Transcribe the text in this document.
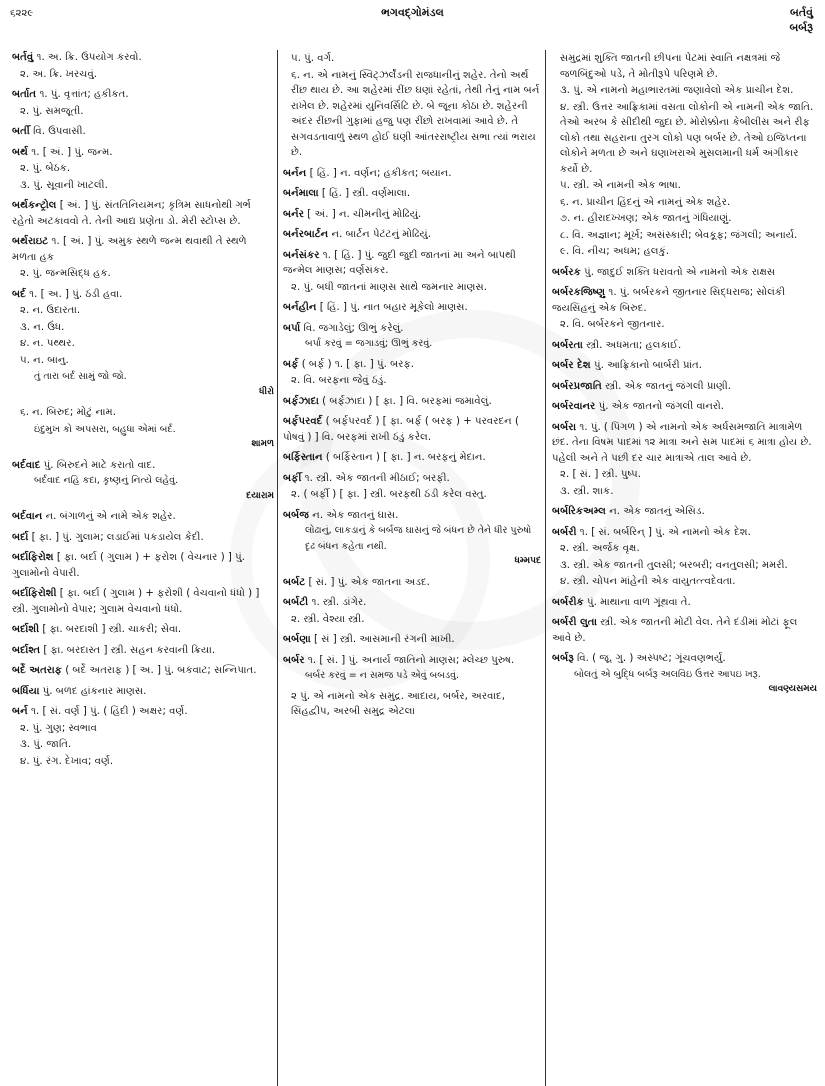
૬૨૨૯	ભગવદ્ગોમંડલ	બર્તવું
બર્બરૂ
બર્તવું ૧. અ. ક્રિ. ઉપયોગ કરવો.
૨. અ. ક્રિ. ખરચવું.
બર્તાત ૧. પું. વૃત્તાંત; હકીકત.
૨. પું. સમજૂતી.
બર્તી વિ. ઉપવાસી.
બર્થ ૧. [ અં. ] પું. જન્મ.
૨. પું. બેઠક.
૩. પું. સૂવાની ખાટલી.
બર્થકન્ટ્રોલ [ અં. ] પું. સંતતિનિયમન; કૃત્રિમ સાધનોથી ગર્ભ રહેતો અટકાવવો તે. તેની આદ્ય પ્રણેતા ડો. મેરી સ્ટોપ્સ છે.
બર્થરાઇટ ૧. [ અં. ] પું. અમુક સ્થળે જન્મ થવાથી તે સ્થળે મળતા હક
૨. પું. જન્મસિદ્ધ હક.
બર્દ ૧. [ અ. ] પું. ઠંડી હવા.
૨. ન. ઉદારતા.
૩. ન. ઉંધ.
૪. ન. પથ્થર.
૫. ન. બાનુ.
તું તારા બર્દ સામું જો જો.
ધીરો
૬. ન. બિરુદ; મોટું નામ.
ઇંદુમુખ કો અપસરા, બહુધા એમાં બર્દ.
શામળ
બર્દવાદ પું. બિરુદને માટે કરાતો વાદ.
બર્દવાદ નહિ કદા, કૃષ્ણનું નિત્યે લહેવું.
દયારામ
બર્દવાન ન. બંગાળનું એ નામે એક શહેર.
બર્દા [ ફા. ] પું. ગુલામ; લડાઈમાં પકડાયેલ કેદી.
બર્દાફિરોશ [ ફા. બર્દા ( ગુલામ ) + ફરોશ ( વેચનાર ) ] પું. ગુલામોનો વેપારી.
બર્દાફિરોશી [ ફા. બર્દા ( ગુલામ ) + ફરોશી ( વેચવાનો ધંધો ) ] સ્ત્રી. ગુલામોનો વેપાર; ગુલામ વેચવાનો ધંધો.
બર્દાશી [ ફા. બરદાશી ] સ્ત્રી. ચાકરી; સેવા.
બર્દાશ્ત [ ફા. બરદાસ્ત ] સ્ત્રી. સહન કરવાની ક્રિયા.
બર્દે અતરાફ ( બર્દે અતરાફ ) [ અ. ] પું. બકવાટ; સન્નિપાત.
બર્ધિયા પું. બળદ હાંકનાર માણસ.
બર્ન ૧. [ સં. વર્ણ ] પું. ( હિંદી ) અક્ષર; વર્ણ.
૨. પું. ગુણ; સ્વભાવ
૩. પું. જાતિ.
૪. પું. રંગ. દેખાવ; વર્ણ.
૫. પું. વર્ગ.
૬. ન. એ નામનું સ્વિટ્ઝર્લૅંડની રાજધાનીનું શહેર. તેનો અર્થ રીંછ થાય છે. આ શહેરમાં રીંછ ઘણાં રહેતાં, તેથી તેનું નામ બર્ન રાખેલ છે. શહેરમાં યુનિવર્સિટિ છે. બે જૂના કોઠા છે. શહેરની અંદર રીંછની ગુફામાં હજુ પણ રીંછો રાખવામાં આવે છે. તે સગવડતાવાળું સ્થળ હોઈ ઘણી આંતરરાષ્ટ્રીય સભા ત્યાં ભરાય છે.
બર્નન [ હિં. ] ન. વર્ણન; હકીકત; બયાન.
બર્નમાલા [ હિં. ] સ્ત્રી. વર્ણમાલા.
બર્નર [ અં. ] ન. ચીમનીનું મોઢિયું.
બર્નરબાર્ટન ન. બાર્ટન પેટંટનું મોઢિયું.
બર્નસંકર ૧. [ હિં. ] પું. જુદી જુદી જાતનાં મા અને બાપથી જન્મેલ માણસ; વર્ણસંકર.
૨. પું. બધી જાતનાં માણસ સાથે જમનાર માણસ.
બર્નહીન [ હિં. ] પું. નાત બહાર મૂકેલો માણસ.
બર્પા વિ. જગાડેલું; ઊભું કરેલું.
બર્પા કરવું = જગાડવું; ઊભું કરવું.
બર્ફ ( બર્ફ ) ૧. [ ફા. ] પું. બરફ.
૨. વિ. બરફના જેવું ઠંડું.
બર્ફઝાદા ( બર્ફઝાદા ) [ ફા. ] વિ. બરફમાં જમાવેલું.
બર્ફપરવર્દ ( બર્ફપરવર્દ ) [ ફા. બર્ફ ( બરફ ) + પરવરદન ( પોષવું ) ] વિ. બરફમાં રાખી ઠંડું કરેલ.
બર્ફિસ્તાન ( બર્ફિસ્તાન ) [ ફા. ] ન. બરફનું મેદાન.
બર્ફી ૧. સ્ત્રી. એક જાતની મીઠાઈ; બરફી.
૨. ( બર્ફી ) [ ફા. ] સ્ત્રી. બરફથી ઠંડી કરેલ વસ્તુ.
બર્બજ ન. એક જાતનું ઘાસ.
લોઢાનું, લાકડાનું કે બર્બજ ઘાસનું જે બંધન છે તેને ધીર પુરુષો દૃઢ બંધન કહેતા નથી.
ધમ્મપદ
બર્બટ [ સં. ] પું. એક જાતના અડદ.
બર્બટી ૧. સ્ત્રી. ડાંગેર.
૨. સ્ત્રી. વેશ્યા સ્ત્રી.
બર્બણા [ સં ] સ્ત્રી. આસમાની રંગની માખી.
બર્બર ૧. [ સં. ] પું. અનાર્ય જાતિનો માણસ; મ્લેચ્છ પુરુષ.
બર્બર કરવું = ન સમજ પડે એવું બબડવું.
૨ પું. એ નામનો એક સમુદ્ર. આદાય, બર્બર, અરવાદ, સિંહદ્વીપ, અરબી સમુદ્ર એટલા
સમુદ્રમાં શુક્તિ જાતની છીપના પેટમાં સ્વાતિ નક્ષત્રમાં જે જળબિંદુઓ પડે, તે મોતીરૂપે પરિણમે છે.
૩. પું. એ નામનો મહાભારતમાં જણાવેલો એક પ્રાચીન દેશ.
૪. સ્ત્રી. ઉત્તર આફ્રિકામાં વસતા લોકોની એ નામની એક જાતિ. તેઓ અરબ કે સીદીથી જુદા છે. મોરોક્કોના કેબીલીસ અને રીફ લોકો તથા સહરાના તુરગ લોકો પણ બર્બર છે. તેઓ ઇજિપ્તના લોકોને મળતા છે અને ઘણાખરાએ મુસલમાની ધર્મ અંગીકાર કર્યો છે.
૫. સ્ત્રી. એ નામની એક ભાષા.
૬. ન. પ્રાચીન હિંદનું એ નામનું એક શહેર.
૭. ન. હીરાદખ્ખણ; એક જાતનું ગંધિયાણું.
૮. વિ. અજ્ઞાન; મૂર્ખ; અસંસ્કારી; બેવકૂફ; જંગલી; અનાર્ય.
૯. વિ. નીચ; અધમ; હલકું.
બર્બરક પું. જાદુઈ શક્તિ ધરાવતો એ નામનો એક રાક્ષસ
બર્બરકજિષ્ણુ ૧. પું. બર્બરકને જીતનાર સિદ્ધરાજ; સોલંકી જયસિંહનું એક બિરુદ.
૨. વિ. બર્બરકને જીતનાર.
બર્બરતા સ્ત્રી. અધમતા; હલકાઈ.
બર્બર દેશ પું. આફ્રિકાનો બાર્બરી પ્રાંત.
બર્બરપ્રજાતિ સ્ત્રી. એક જાતનું જંગલી પ્રાણી.
બર્બરવાનર પું. એક જાતનો જંગલી વાનરો.
બર્બરા ૧. પું. ( પિંગળ ) એ નામનો એક અર્ધસમજાતિ માત્રામેળ છંદ. તેના વિષમ પાદમાં ૧૨ માત્રા અને સમ પાદમાં ૬ માત્રા હોય છે. પહેલી અને તે પછી દર ચાર માત્રાએ તાલ આવે છે.
૨. [ સં. ] સ્ત્રી. પુષ્પ.
૩. સ્ત્રી. શાક.
બર્બરિકઅમ્લ ન. એક જાતનું એસિડ.
બર્બરી ૧. [ સં. બર્બરિન્ ] પું. એ નામનો એક દેશ.
૨. સ્ત્રી. અર્જક વૃક્ષ.
૩. સ્ત્રી. એક જાતની તુલસી; બરબરી; વનતુલસી; મમરી.
૪. સ્ત્રી. ચોપન માંહેની એક વાયુતત્ત્વદેવતા.
બર્બરીક પું. માથાના વાળ ગૂંથવા તે.
બર્બરી લુતા સ્ત્રી. એક જાતની મોટી વેલ. તેને દંડીમાં મોટાં ફૂલ આવે છે.
બર્બરૂ વિ. ( જૂ. ગુ. ) અસ્પષ્ટ; ગૂંચવણભર્યું.
બોલતું એ બુદ્ધિ બર્બરૂ અલવિઇ ઉત્તર આપઇ ખરૂ.
લાવણ્યસમય
